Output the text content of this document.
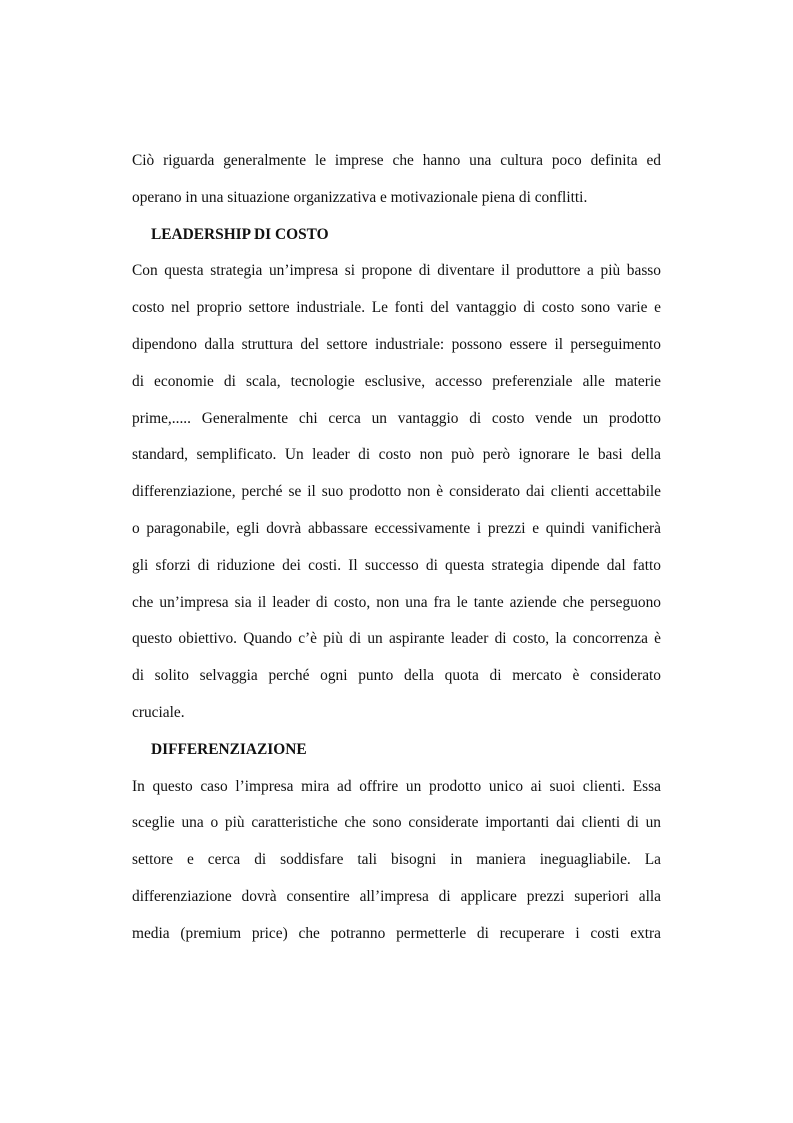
Ciò riguarda generalmente le imprese che hanno una cultura poco definita ed
operano in una situazione organizzativa e motivazionale piena di conflitti.
LEADERSHIP DI COSTO
Con questa strategia un’impresa si propone di diventare il produttore a più basso
costo nel proprio settore industriale. Le fonti del vantaggio di costo sono varie e
dipendono dalla struttura del settore industriale: possono essere il perseguimento
di economie di scala, tecnologie esclusive, accesso preferenziale alle materie
prime,..... Generalmente chi cerca un vantaggio di costo vende un prodotto
standard, semplificato. Un leader di costo non può però ignorare le basi della
differenziazione, perché se il suo prodotto non è considerato dai clienti accettabile
o paragonabile, egli dovrà abbassare eccessivamente i prezzi e quindi vanificherà
gli sforzi di riduzione dei costi. Il successo di questa strategia dipende dal fatto
che un’impresa sia il leader di costo, non una fra le tante aziende che perseguono
questo obiettivo. Quando c’è più di un aspirante leader di costo, la concorrenza è
di solito selvaggia perché ogni punto della quota di mercato è considerato
cruciale.
DIFFERENZIAZIONE
In questo caso l’impresa mira ad offrire un prodotto unico ai suoi clienti. Essa
sceglie una o più caratteristiche che sono considerate importanti dai clienti di un
settore e cerca di soddisfare tali bisogni in maniera ineguagliabile. La
differenziazione dovrà consentire all’impresa di applicare prezzi superiori alla
media (premium price) che potranno permetterle di recuperare i costi extra
